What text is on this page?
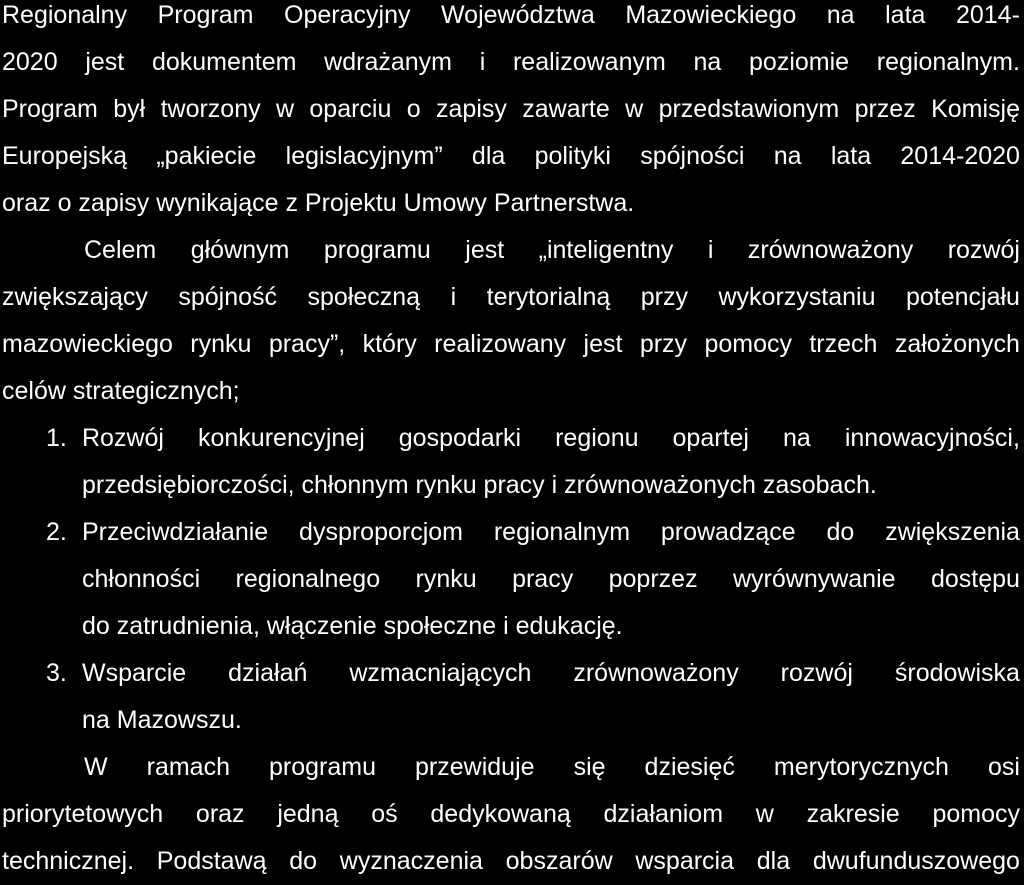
Regionalny Program Operacyjny Województwa Mazowieckiego na lata 2014-
2020 jest dokumentem wdrażanym i realizowanym na poziomie regionalnym.
Program był tworzony w oparciu o zapisy zawarte w przedstawionym przez Komisję
Europejską „pakiecie legislacyjnym” dla polityki spójności na lata 2014-2020
oraz o zapisy wynikające z Projektu Umowy Partnerstwa.
Celem głównym programu jest „inteligentny i zrównoważony rozwój
zwiększający spójność społeczną i terytorialną przy wykorzystaniu potencjału
mazowieckiego rynku pracy”, który realizowany jest przy pomocy trzech założonych
celów strategicznych;
1. Rozwój konkurencyjnej gospodarki regionu opartej na innowacyjności,
przedsiębiorczości, chłonnym rynku pracy i zrównoważonych zasobach.
2. Przeciwdziałanie dysproporcjom regionalnym prowadzące do zwiększenia
chłonności regionalnego rynku pracy poprzez wyrównywanie dostępu
do zatrudnienia, włączenie społeczne i edukację.
3. Wsparcie działań wzmacniających zrównoważony rozwój środowiska
na Mazowszu.
W ramach programu przewiduje się dziesięć merytorycznych osi
priorytetowych oraz jedną oś dedykowaną działaniom w zakresie pomocy
technicznej. Podstawą do wyznaczenia obszarów wsparcia dla dwufunduszowego
